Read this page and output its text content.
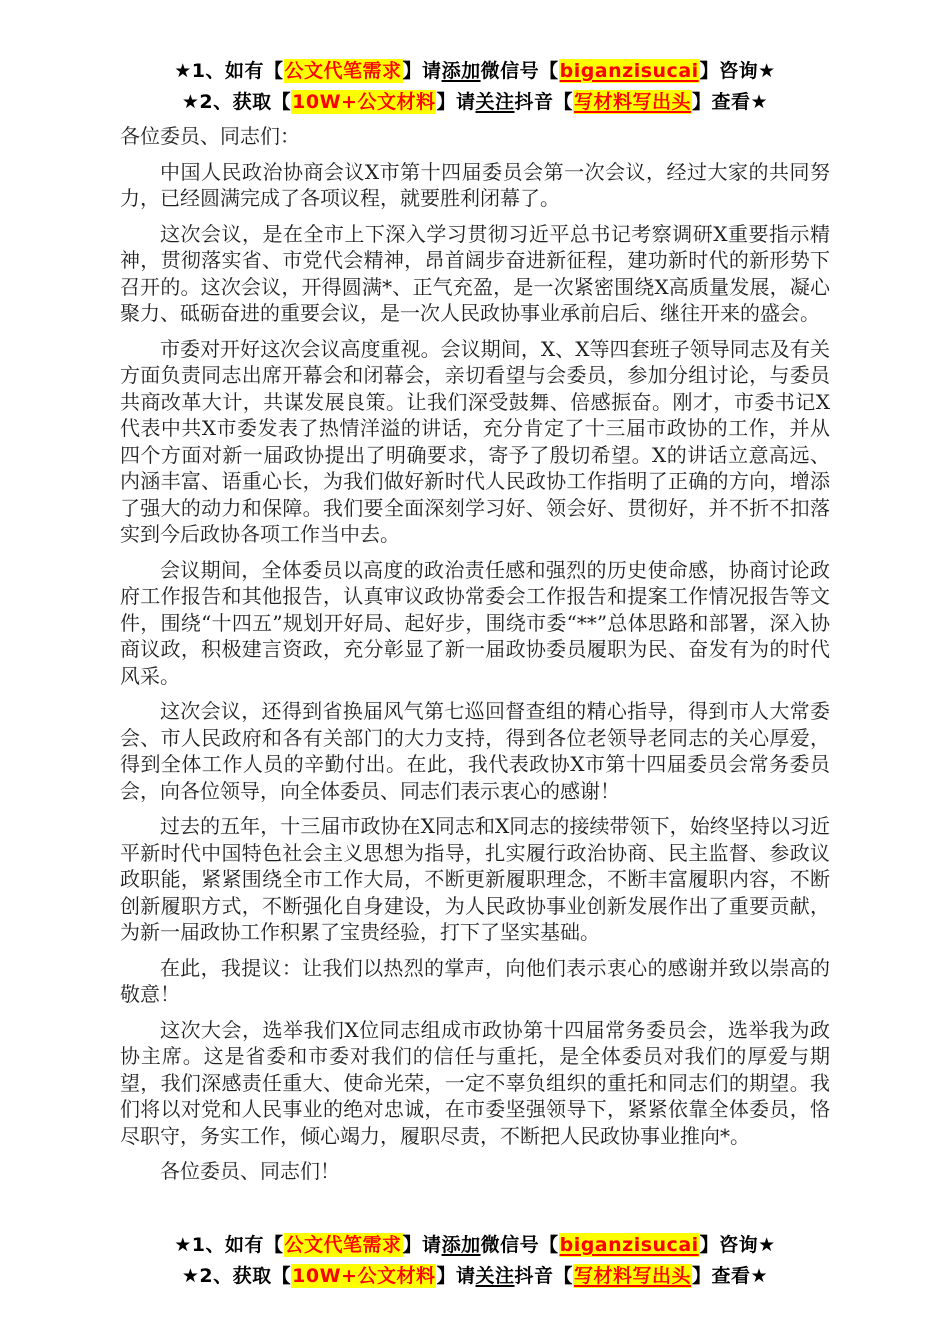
★1、如有【公文代笔需求】请添加微信号【biganzisucai】咨询★
★2、获取【10W+公文材料】请关注抖音【写材料写出头】查看★

各位委员、同志们：

中国人民政治协商会议X市第十四届委员会第一次会议，经过大家的共同努力，已经圆满完成了各项议程，就要胜利闭幕了。

这次会议，是在全市上下深入学习贯彻习近平总书记考察调研X重要指示精神，贯彻落实省、市党代会精神，昂首阔步奋进新征程，建功新时代的新形势下召开的。这次会议，开得圆满*、正气充盈，是一次紧密围绕X高质量发展，凝心聚力、砥砺奋进的重要会议，是一次人民政协事业承前启后、继往开来的盛会。

市委对开好这次会议高度重视。会议期间，X、X等四套班子领导同志及有关方面负责同志出席开幕会和闭幕会，亲切看望与会委员，参加分组讨论，与委员共商改革大计，共谋发展良策。让我们深受鼓舞、倍感振奋。刚才，市委书记X代表中共X市委发表了热情洋溢的讲话，充分肯定了十三届市政协的工作，并从四个方面对新一届政协提出了明确要求，寄予了殷切希望。X的讲话立意高远、内涵丰富、语重心长，为我们做好新时代人民政协工作指明了正确的方向，增添了强大的动力和保障。我们要全面深刻学习好、领会好、贯彻好，并不折不扣落实到今后政协各项工作当中去。

会议期间，全体委员以高度的政治责任感和强烈的历史使命感，协商讨论政府工作报告和其他报告，认真审议政协常委会工作报告和提案工作情况报告等文件，围绕“十四五”规划开好局、起好步，围绕市委“**”总体思路和部署，深入协商议政，积极建言资政，充分彰显了新一届政协委员履职为民、奋发有为的时代风采。

这次会议，还得到省换届风气第七巡回督查组的精心指导，得到市人大常委会、市人民政府和各有关部门的大力支持，得到各位老领导老同志的关心厚爱，得到全体工作人员的辛勤付出。在此，我代表政协X市第十四届委员会常务委员会，向各位领导，向全体委员、同志们表示衷心的感谢！

过去的五年，十三届市政协在X同志和X同志的接续带领下，始终坚持以习近平新时代中国特色社会主义思想为指导，扎实履行政治协商、民主监督、参政议政职能，紧紧围绕全市工作大局，不断更新履职理念，不断丰富履职内容，不断创新履职方式，不断强化自身建设，为人民政协事业创新发展作出了重要贡献，为新一届政协工作积累了宝贵经验，打下了坚实基础。

在此，我提议：让我们以热烈的掌声，向他们表示衷心的感谢并致以崇高的敬意！

这次大会，选举我们X位同志组成市政协第十四届常务委员会，选举我为政协主席。这是省委和市委对我们的信任与重托，是全体委员对我们的厚爱与期望，我们深感责任重大、使命光荣，一定不辜负组织的重托和同志们的期望。我们将以对党和人民事业的绝对忠诚，在市委坚强领导下，紧紧依靠全体委员，恪尽职守，务实工作，倾心竭力，履职尽责，不断把人民政协事业推向*。

各位委员、同志们！

★1、如有【公文代笔需求】请添加微信号【biganzisucai】咨询★
★2、获取【10W+公文材料】请关注抖音【写材料写出头】查看★
